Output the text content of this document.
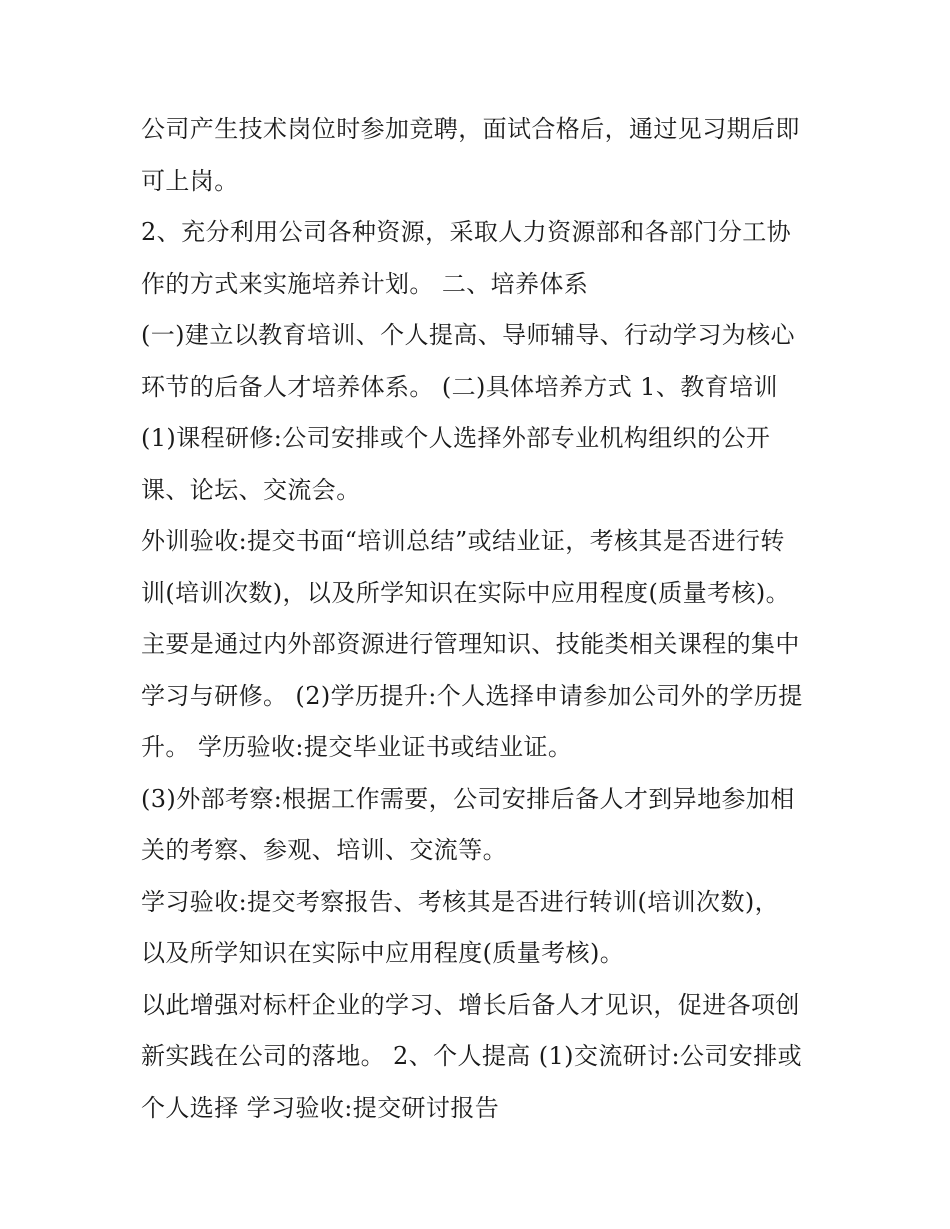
公司产生技术岗位时参加竞聘，面试合格后，通过见习期后即
可上岗。
2、充分利用公司各种资源，采取人力资源部和各部门分工协
作的方式来实施培养计划。 二、培养体系
(一)建立以教育培训、个人提高、导师辅导、行动学习为核心
环节的后备人才培养体系。 (二)具体培养方式 1、教育培训
(1)课程研修:公司安排或个人选择外部专业机构组织的公开
课、论坛、交流会。
外训验收:提交书面“培训总结”或结业证，考核其是否进行转
训(培训次数)，以及所学知识在实际中应用程度(质量考核)。
主要是通过内外部资源进行管理知识、技能类相关课程的集中
学习与研修。 (2)学历提升:个人选择申请参加公司外的学历提
升。 学历验收:提交毕业证书或结业证。
(3)外部考察:根据工作需要，公司安排后备人才到异地参加相
关的考察、参观、培训、交流等。
学习验收:提交考察报告、考核其是否进行转训(培训次数)，
以及所学知识在实际中应用程度(质量考核)。
以此增强对标杆企业的学习、增长后备人才见识，促进各项创
新实践在公司的落地。 2、个人提高 (1)交流研讨:公司安排或
个人选择 学习验收:提交研讨报告
